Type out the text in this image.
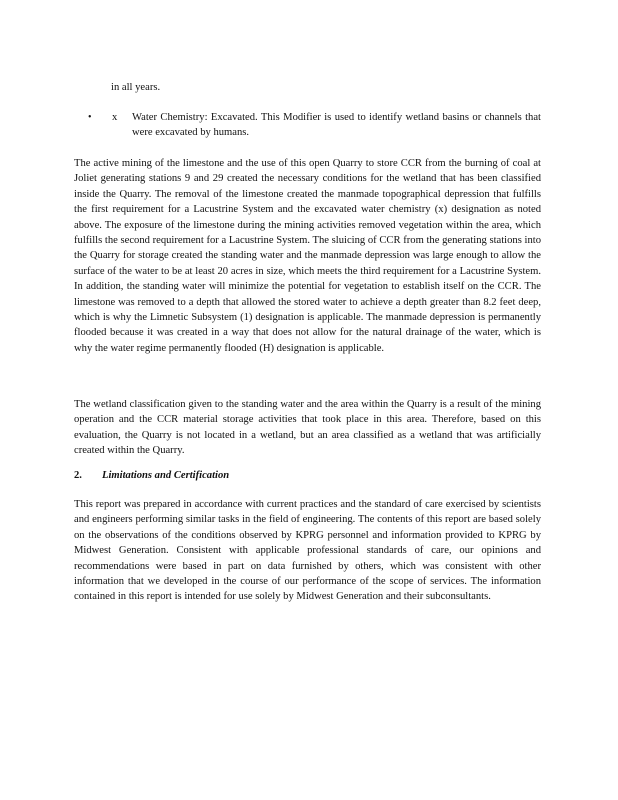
in all years.

•	x	Water Chemistry: Excavated. This Modifier is used to identify wetland basins or channels that were excavated by humans.

The active mining of the limestone and the use of this open Quarry to store CCR from the burning of coal at Joliet generating stations 9 and 29 created the necessary conditions for the wetland that has been classified inside the Quarry. The removal of the limestone created the manmade topographical depression that fulfills the first requirement for a Lacustrine System and the excavated water chemistry (x) designation as noted above. The exposure of the limestone during the mining activities removed vegetation within the area, which fulfills the second requirement for a Lacustrine System. The sluicing of CCR from the generating stations into the Quarry for storage created the standing water and the manmade depression was large enough to allow the surface of the water to be at least 20 acres in size, which meets the third requirement for a Lacustrine System. In addition, the standing water will minimize the potential for vegetation to establish itself on the CCR. The limestone was removed to a depth that allowed the stored water to achieve a depth greater than 8.2 feet deep, which is why the Limnetic Subsystem (1) designation is applicable. The manmade depression is permanently flooded because it was created in a way that does not allow for the natural drainage of the water, which is why the water regime permanently flooded (H) designation is applicable.

The wetland classification given to the standing water and the area within the Quarry is a result of the mining operation and the CCR material storage activities that took place in this area. Therefore, based on this evaluation, the Quarry is not located in a wetland, but an area classified as a wetland that was artificially created within the Quarry.

2.	Limitations and Certification

This report was prepared in accordance with current practices and the standard of care exercised by scientists and engineers performing similar tasks in the field of engineering. The contents of this report are based solely on the observations of the conditions observed by KPRG personnel and information provided to KPRG by Midwest Generation. Consistent with applicable professional standards of care, our opinions and recommendations were based in part on data furnished by others, which was consistent with other information that we developed in the course of our performance of the scope of services. The information contained in this report is intended for use solely by Midwest Generation and their subconsultants.
